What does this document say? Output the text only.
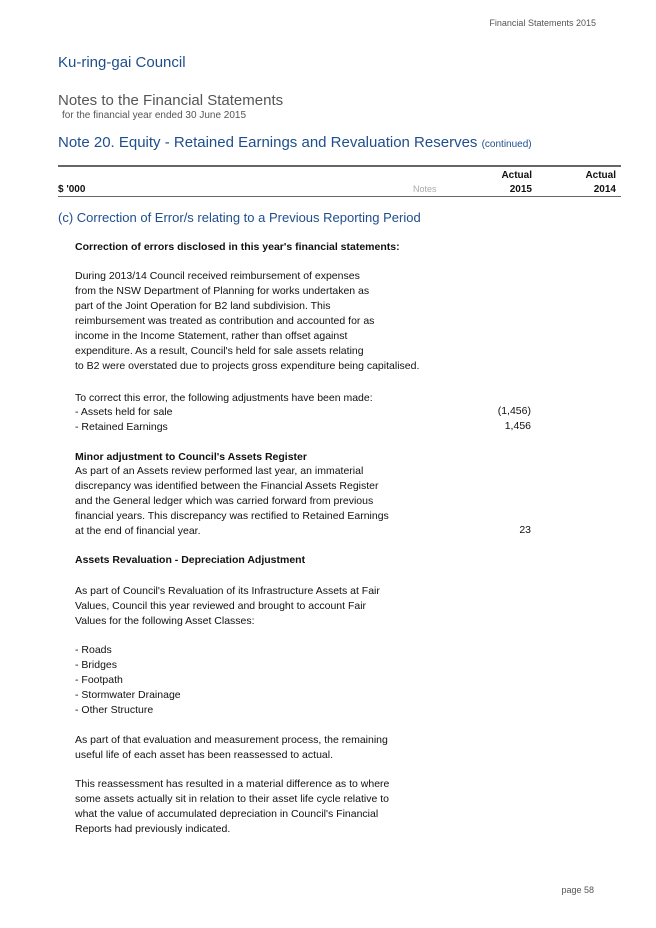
Financial Statements 2015
Ku-ring-gai Council
Notes to the Financial Statements
for the financial year ended 30 June 2015
Note 20. Equity - Retained Earnings and Revaluation Reserves (continued)
Actual	Actual
$ '000	Notes	2015	2014
(c) Correction of Error/s relating to a Previous Reporting Period
Correction of errors disclosed in this year's financial statements:
During 2013/14 Council received reimbursement of expenses
from the NSW Department of Planning for works undertaken as
part of the Joint Operation for B2 land subdivision. This
reimbursement was treated as contribution and accounted for as
income in the Income Statement, rather than offset against
expenditure. As a result, Council's held for sale assets relating
to B2 were overstated due to projects gross expenditure being capitalised.
To correct this error, the following adjustments have been made:
- Assets held for sale	(1,456)
- Retained Earnings	1,456
Minor adjustment to Council's Assets Register
As part of an Assets review performed last year, an immaterial
discrepancy was identified between the Financial Assets Register
and the General ledger which was carried forward from previous
financial years. This discrepancy was rectified to Retained Earnings
at the end of financial year.	23
Assets Revaluation - Depreciation Adjustment
As part of Council's Revaluation of its Infrastructure Assets at Fair
Values, Council this year reviewed and brought to account Fair
Values for the following Asset Classes:
- Roads
- Bridges
- Footpath
- Stormwater Drainage
- Other Structure
As part of that evaluation and measurement process, the remaining
useful life of each asset has been reassessed to actual.
This reassessment has resulted in a material difference as to where
some assets actually sit in relation to their asset life cycle relative to
what the value of accumulated depreciation in Council's Financial
Reports had previously indicated.
page 58
